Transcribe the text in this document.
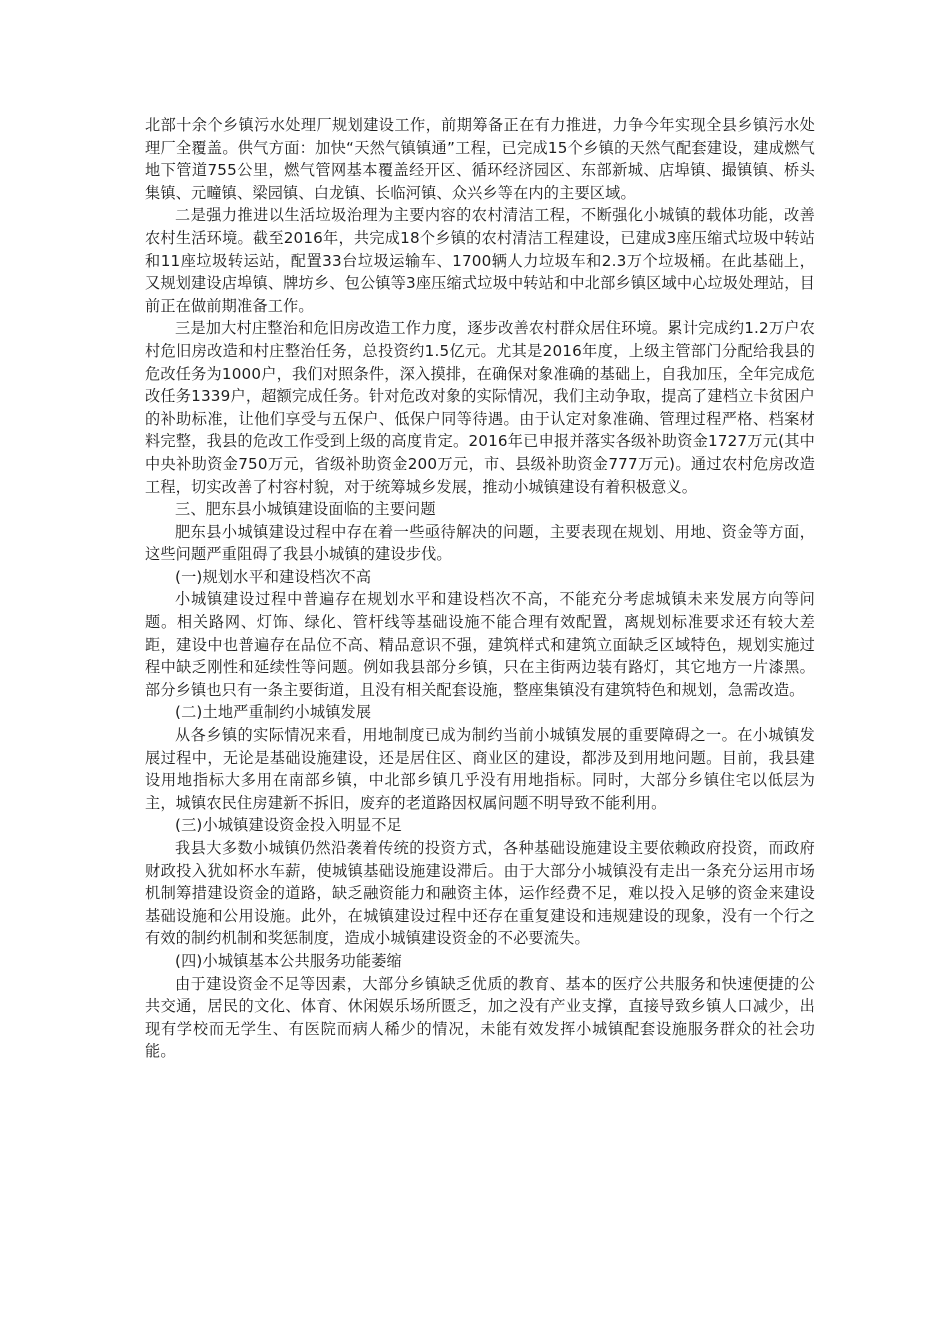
北部十余个乡镇污水处理厂规划建设工作，前期筹备正在有力推进，力争今年实现全县乡镇污水处理厂全覆盖。供气方面：加快“天然气镇镇通”工程，已完成15个乡镇的天然气配套建设，建成燃气地下管道755公里，燃气管网基本覆盖经开区、循环经济园区、东部新城、店埠镇、撮镇镇、桥头集镇、元疃镇、梁园镇、白龙镇、长临河镇、众兴乡等在内的主要区域。

二是强力推进以生活垃圾治理为主要内容的农村清洁工程，不断强化小城镇的载体功能，改善农村生活环境。截至2016年，共完成18个乡镇的农村清洁工程建设，已建成3座压缩式垃圾中转站和11座垃圾转运站，配置33台垃圾运输车、1700辆人力垃圾车和2.3万个垃圾桶。在此基础上，又规划建设店埠镇、牌坊乡、包公镇等3座压缩式垃圾中转站和中北部乡镇区域中心垃圾处理站，目前正在做前期准备工作。

三是加大村庄整治和危旧房改造工作力度，逐步改善农村群众居住环境。累计完成约1.2万户农村危旧房改造和村庄整治任务，总投资约1.5亿元。尤其是2016年度，上级主管部门分配给我县的危改任务为1000户，我们对照条件，深入摸排，在确保对象准确的基础上，自我加压，全年完成危改任务1339户，超额完成任务。针对危改对象的实际情况，我们主动争取，提高了建档立卡贫困户的补助标准，让他们享受与五保户、低保户同等待遇。由于认定对象准确、管理过程严格、档案材料完整，我县的危改工作受到上级的高度肯定。2016年已申报并落实各级补助资金1727万元(其中中央补助资金750万元，省级补助资金200万元，市、县级补助资金777万元)。通过农村危房改造工程，切实改善了村容村貌，对于统筹城乡发展，推动小城镇建设有着积极意义。

三、肥东县小城镇建设面临的主要问题

肥东县小城镇建设过程中存在着一些亟待解决的问题，主要表现在规划、用地、资金等方面，这些问题严重阻碍了我县小城镇的建设步伐。

(一)规划水平和建设档次不高

小城镇建设过程中普遍存在规划水平和建设档次不高，不能充分考虑城镇未来发展方向等问题。相关路网、灯饰、绿化、管杆线等基础设施不能合理有效配置，离规划标准要求还有较大差距，建设中也普遍存在品位不高、精品意识不强，建筑样式和建筑立面缺乏区域特色，规划实施过程中缺乏刚性和延续性等问题。例如我县部分乡镇，只在主街两边装有路灯，其它地方一片漆黑。部分乡镇也只有一条主要街道，且没有相关配套设施，整座集镇没有建筑特色和规划，急需改造。

(二)土地严重制约小城镇发展

从各乡镇的实际情况来看，用地制度已成为制约当前小城镇发展的重要障碍之一。在小城镇发展过程中，无论是基础设施建设，还是居住区、商业区的建设，都涉及到用地问题。目前，我县建设用地指标大多用在南部乡镇，中北部乡镇几乎没有用地指标。同时，大部分乡镇住宅以低层为主，城镇农民住房建新不拆旧，废弃的老道路因权属问题不明导致不能利用。

(三)小城镇建设资金投入明显不足

我县大多数小城镇仍然沿袭着传统的投资方式，各种基础设施建设主要依赖政府投资，而政府财政投入犹如杯水车薪，使城镇基础设施建设滞后。由于大部分小城镇没有走出一条充分运用市场机制筹措建设资金的道路，缺乏融资能力和融资主体，运作经费不足，难以投入足够的资金来建设基础设施和公用设施。此外，在城镇建设过程中还存在重复建设和违规建设的现象，没有一个行之有效的制约机制和奖惩制度，造成小城镇建设资金的不必要流失。

(四)小城镇基本公共服务功能萎缩

由于建设资金不足等因素，大部分乡镇缺乏优质的教育、基本的医疗公共服务和快速便捷的公共交通，居民的文化、体育、休闲娱乐场所匮乏，加之没有产业支撑，直接导致乡镇人口减少，出现有学校而无学生、有医院而病人稀少的情况，未能有效发挥小城镇配套设施服务群众的社会功能。
